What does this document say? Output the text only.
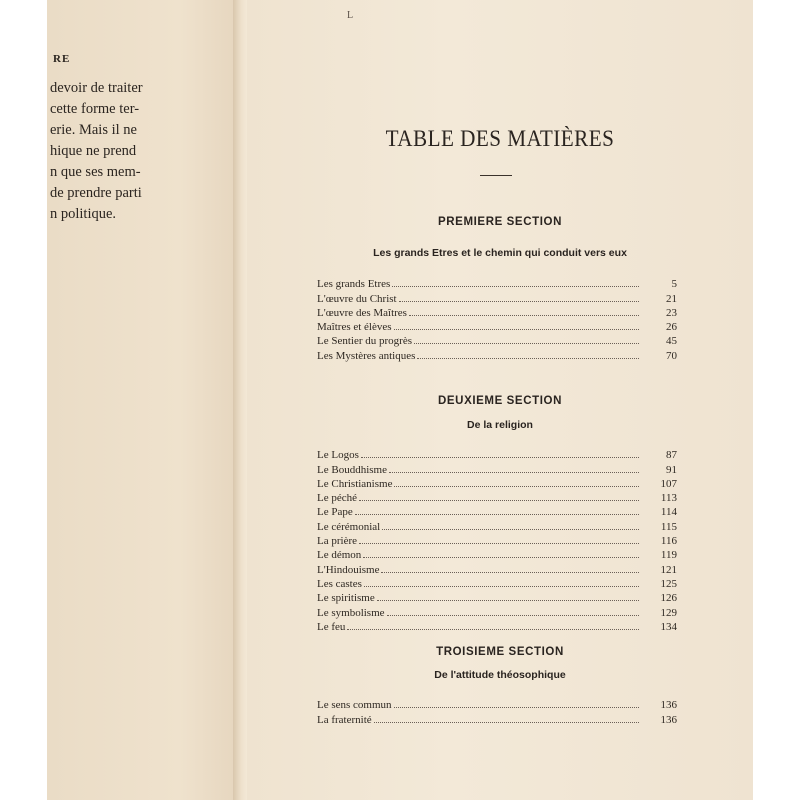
RE
devoir de traiter
cette forme ter-
erie. Mais il ne
hique ne prend
n que ses mem-
de prendre parti
n politique.
L
TABLE DES MATIÈRES
PREMIERE SECTION
Les grands Etres et le chemin qui conduit vers eux
Les grands Etres	5
L'œuvre du Christ	21
L'œuvre des Maîtres	23
Maîtres et élèves	26
Le Sentier du progrès	45
Les Mystères antiques	70
DEUXIEME SECTION
De la religion
Le Logos	87
Le Bouddhisme	91
Le Christianisme	107
Le péché	113
Le Pape	114
Le cérémonial	115
La prière	116
Le démon	119
L'Hindouisme	121
Les castes	125
Le spiritisme	126
Le symbolisme	129
Le feu	134
TROISIEME SECTION
De l'attitude théosophique
Le sens commun	136
La fraternité	136
